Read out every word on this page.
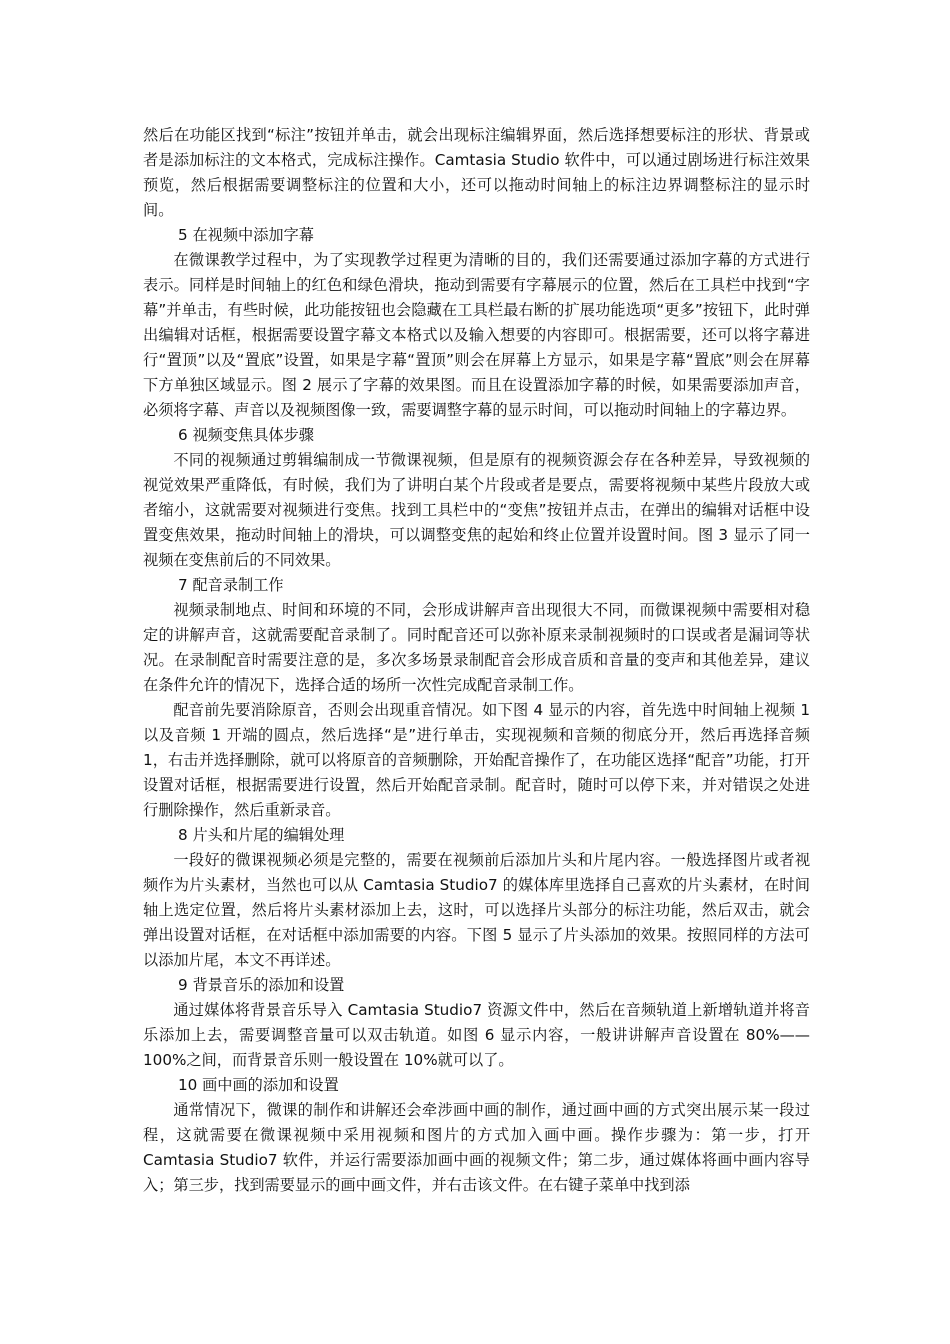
然后在功能区找到“标注”按钮并单击，就会出现标注编辑界面，然后选择想要标注的形状、背景或者是添加标注的文本格式，完成标注操作。Camtasia Studio 软件中，可以通过剧场进行标注效果预览，然后根据需要调整标注的位置和大小，还可以拖动时间轴上的标注边界调整标注的显示时间。

5 在视频中添加字幕

在微课教学过程中，为了实现教学过程更为清晰的目的，我们还需要通过添加字幕的方式进行表示。同样是时间轴上的红色和绿色滑块，拖动到需要有字幕展示的位置，然后在工具栏中找到“字幕”并单击，有些时候，此功能按钮也会隐藏在工具栏最右断的扩展功能选项“更多”按钮下，此时弹出编辑对话框，根据需要设置字幕文本格式以及输入想要的内容即可。根据需要，还可以将字幕进行“置顶”以及“置底”设置，如果是字幕“置顶”则会在屏幕上方显示，如果是字幕“置底”则会在屏幕下方单独区域显示。图 2 展示了字幕的效果图。而且在设置添加字幕的时候，如果需要添加声音，必须将字幕、声音以及视频图像一致，需要调整字幕的显示时间，可以拖动时间轴上的字幕边界。

6 视频变焦具体步骤

不同的视频通过剪辑编制成一节微课视频，但是原有的视频资源会存在各种差异，导致视频的视觉效果严重降低，有时候，我们为了讲明白某个片段或者是要点，需要将视频中某些片段放大或者缩小，这就需要对视频进行变焦。找到工具栏中的“变焦”按钮并点击，在弹出的编辑对话框中设置变焦效果，拖动时间轴上的滑块，可以调整变焦的起始和终止位置并设置时间。图 3 显示了同一视频在变焦前后的不同效果。

7 配音录制工作

视频录制地点、时间和环境的不同，会形成讲解声音出现很大不同，而微课视频中需要相对稳定的讲解声音，这就需要配音录制了。同时配音还可以弥补原来录制视频时的口误或者是漏词等状况。在录制配音时需要注意的是，多次多场景录制配音会形成音质和音量的变声和其他差异，建议在条件允许的情况下，选择合适的场所一次性完成配音录制工作。

配音前先要消除原音，否则会出现重音情况。如下图 4 显示的内容，首先选中时间轴上视频 1 以及音频 1 开端的圆点，然后选择“是”进行单击，实现视频和音频的彻底分开，然后再选择音频 1，右击并选择删除，就可以将原音的音频删除，开始配音操作了，在功能区选择“配音”功能，打开设置对话框，根据需要进行设置，然后开始配音录制。配音时，随时可以停下来，并对错误之处进行删除操作，然后重新录音。

8 片头和片尾的编辑处理

一段好的微课视频必须是完整的，需要在视频前后添加片头和片尾内容。一般选择图片或者视频作为片头素材，当然也可以从 Camtasia Studio7 的媒体库里选择自己喜欢的片头素材，在时间轴上选定位置，然后将片头素材添加上去，这时，可以选择片头部分的标注功能，然后双击，就会弹出设置对话框，在对话框中添加需要的内容。下图 5 显示了片头添加的效果。按照同样的方法可以添加片尾，本文不再详述。

9 背景音乐的添加和设置

通过媒体将背景音乐导入 Camtasia Studio7 资源文件中，然后在音频轨道上新增轨道并将音乐添加上去，需要调整音量可以双击轨道。如图 6 显示内容，一般讲讲解声音设置在 80%——100%之间，而背景音乐则一般设置在 10%就可以了。

10 画中画的添加和设置

通常情况下，微课的制作和讲解还会牵涉画中画的制作，通过画中画的方式突出展示某一段过程，这就需要在微课视频中采用视频和图片的方式加入画中画。操作步骤为：第一步，打开 Camtasia Studio7 软件，并运行需要添加画中画的视频文件；第二步，通过媒体将画中画内容导入；第三步，找到需要显示的画中画文件，并右击该文件。在右键子菜单中找到添
